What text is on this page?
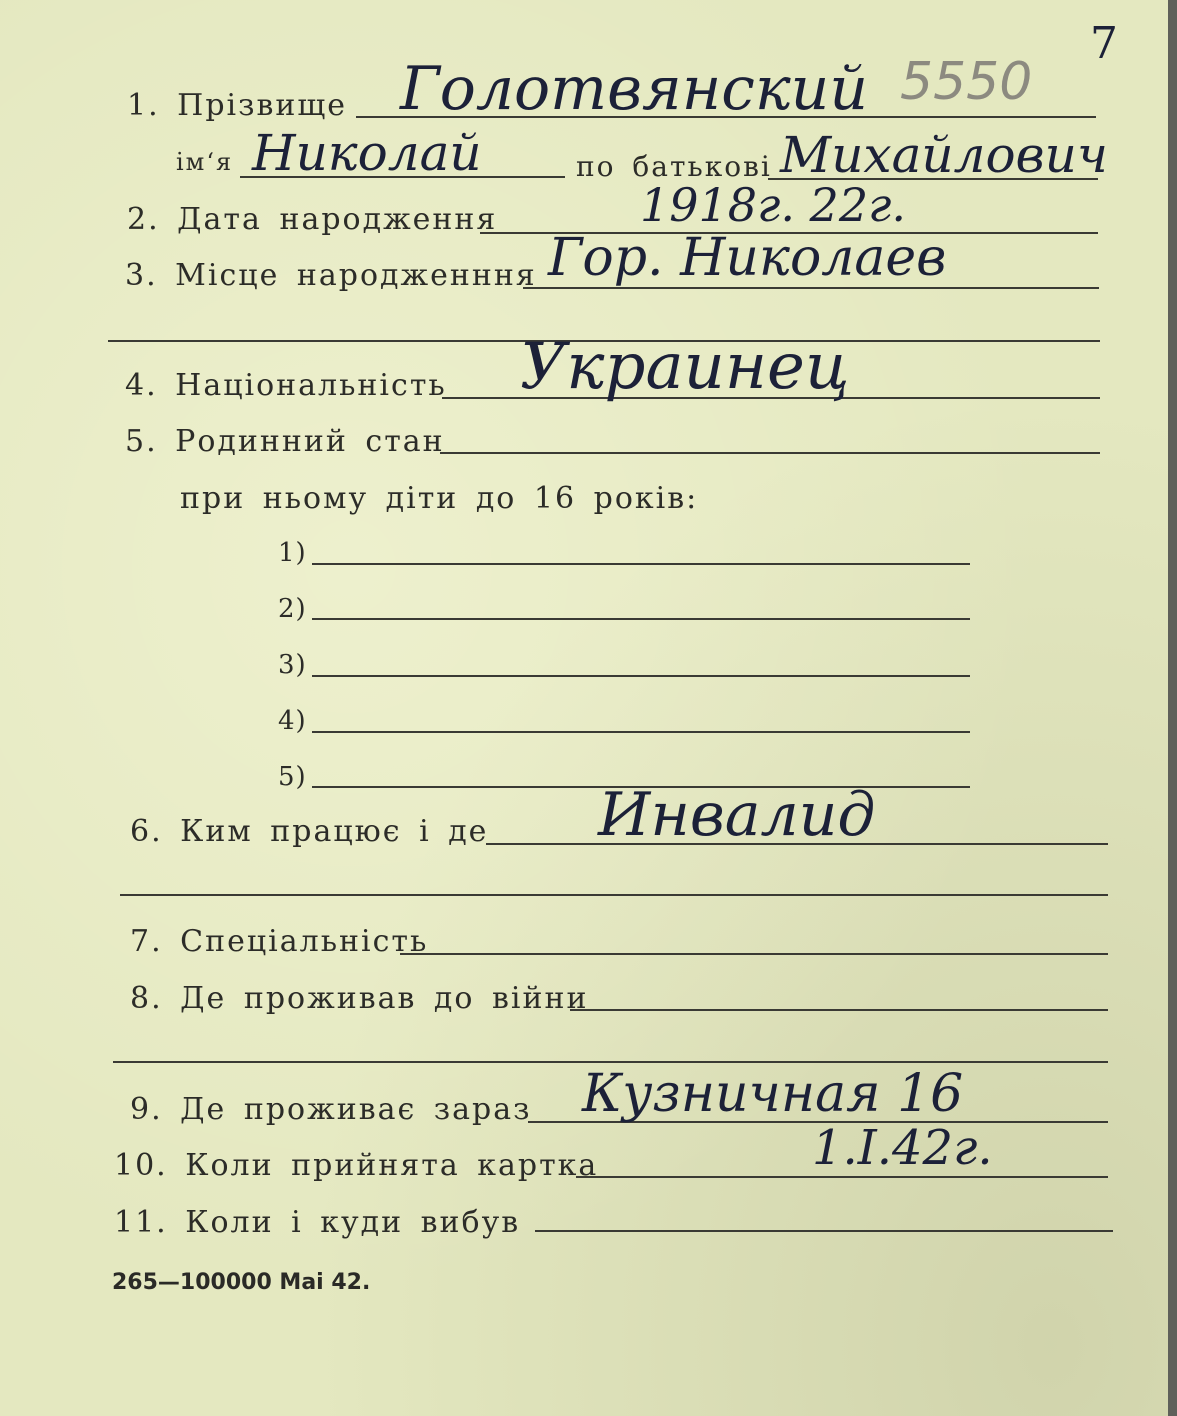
1. Прізвище Голотвянский 5550
7
ім‘я Николай	по батькові Михайлович
2. Дата народження	1918г. 22г.
3. Місце народженння Гор. Николаев
4. Національність Украинец
5. Родинний стан
при ньому діти до 16 років:
1)
2)
3)
4)
5)
6. Ким працює і де Инвалид
7. Спеціальність
8. Де проживав до війни
9. Де проживає зараз Кузничная 16
10. Коли прийнята картка	1.I.42г.
11. Коли і куди вибув
265—100000 Mai 42.
